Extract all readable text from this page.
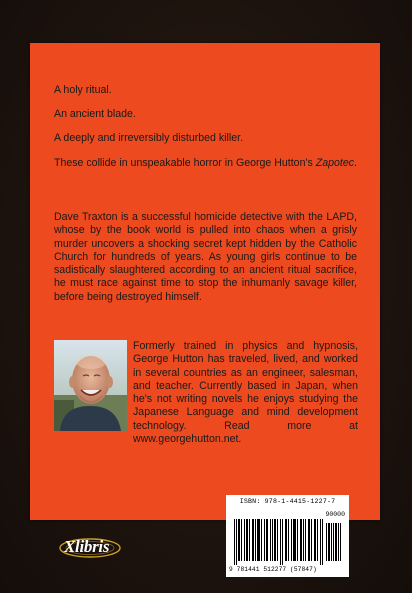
A holy ritual.
An ancient blade.
A deeply and irreversibly disturbed killer.
These collide in unspeakable horror in George Hutton's Zapotec.
Dave Traxton is a successful homicide detective with the LAPD, whose by the book world is pulled into chaos when a grisly murder uncovers a shocking secret kept hidden by the Catholic Church for hundreds of years. As young girls continue to be sadistically slaughtered according to an ancient ritual sacrifice, he must race against time to stop the inhumanly savage killer, before being destroyed himself.
Formerly trained in physics and hypnosis, George Hutton has traveled, lived, and worked in several countries as an engineer, salesman, and teacher. Currently based in Japan, when he's not writing novels he enjoys studying the Japanese Language and mind development technology. Read more at www.georgehutton.net.
Xlibris
ISBN: 978-1-4415-1227-7
90000
9 781441 512277 (57847)
